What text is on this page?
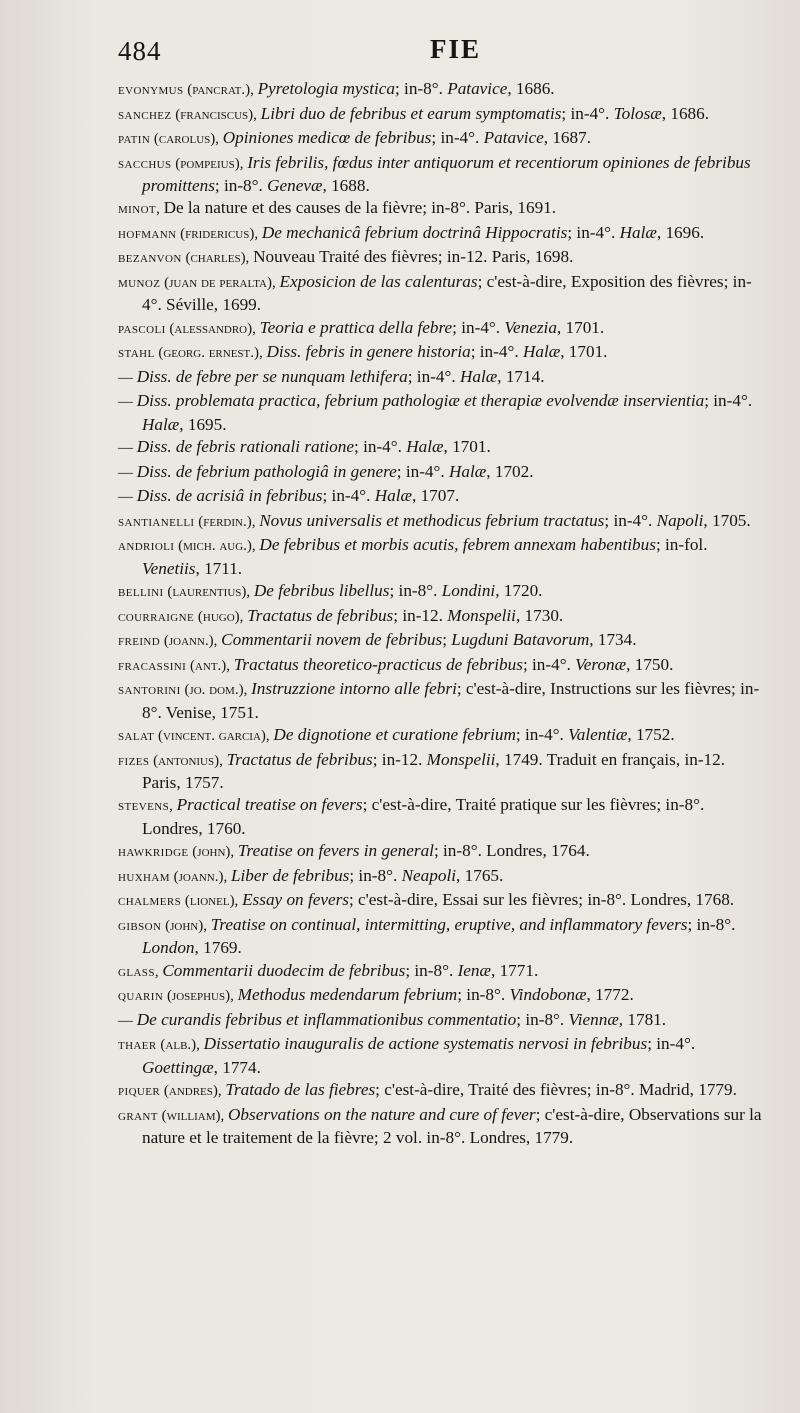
484	FIE

evonymus (pancrat.), Pyretologia mystica; in-8°. Patavice, 1686.

sanchez (franciscus), Libri duo de febribus et earum symptomatis; in-4°. Tolosæ, 1686.

patin (carolus), Opiniones medicœ de febribus; in-4°. Patavice, 1687.

sacchus (pompeius), Iris febrilis, fœdus inter antiquorum et recentiorum opiniones de febribus promittens; in-8°. Genevæ, 1688.

minot, De la nature et des causes de la fièvre; in-8°. Paris, 1691.

hofmann (fridericus), De mechanicâ febrium doctrinâ Hippocratis; in-4°. Halæ, 1696.

bezanvon (charles), Nouveau Traité des fièvres; in-12. Paris, 1698.

munoz (juan de peralta), Exposicion de las calenturas; c'est-à-dire, Exposition des fièvres; in-4°. Séville, 1699.

pascoli (alessandro), Teoria e prattica della febre; in-4°. Venezia, 1701.

stahl (georg. ernest.), Diss. febris in genere historia; in-4°. Halæ, 1701.

— Diss. de febre per se nunquam lethifera; in-4°. Halæ, 1714.

— Diss. problemata practica, febrium pathologiæ et therapiæ evolvendæ inservientia; in-4°. Halæ, 1695.

— Diss. de febris rationali ratione; in-4°. Halæ, 1701.

— Diss. de febrium pathologiâ in genere; in-4°. Halæ, 1702.

— Diss. de acrisiâ in febribus; in-4°. Halæ, 1707.

santianelli (ferdin.), Novus universalis et methodicus febrium tractatus; in-4°. Napoli, 1705.

andrioli (mich. aug.), De febribus et morbis acutis, febrem annexam habentibus; in-fol. Venetiis, 1711.

bellini (laurentius), De febribus libellus; in-8°. Londini, 1720.

courraigne (hugo), Tractatus de febribus; in-12. Monspelii, 1730.

freind (joann.), Commentarii novem de febribus; Lugduni Batavorum, 1734.

fracassini (ant.), Tractatus theoretico-practicus de febribus; in-4°. Veronæ, 1750.

santorini (jo. dom.), Instruzzione intorno alle febri; c'est-à-dire, Instructions sur les fièvres; in-8°. Venise, 1751.

salat (vincent. garcia), De dignotione et curatione febrium; in-4°. Valentiæ, 1752.

fizes (antonius), Tractatus de febribus; in-12. Monspelii, 1749. Traduit en français, in-12. Paris, 1757.

stevens, Practical treatise on fevers; c'est-à-dire, Traité pratique sur les fièvres; in-8°. Londres, 1760.

hawkridge (john), Treatise on fevers in general; in-8°. Londres, 1764.

huxham (joann.), Liber de febribus; in-8°. Neapoli, 1765.

chalmers (lionel), Essay on fevers; c'est-à-dire, Essai sur les fièvres; in-8°. Londres, 1768.

gibson (john), Treatise on continual, intermitting, eruptive, and inflammatory fevers; in-8°. London, 1769.

glass, Commentarii duodecim de febribus; in-8°. Ienæ, 1771.

quarin (josephus), Methodus medendarum febrium; in-8°. Vindobonæ, 1772.

— De curandis febribus et inflammationibus commentatio; in-8°. Viennæ, 1781.

thaer (alb.), Dissertatio inauguralis de actione systematis nervosi in febribus; in-4°. Goettingæ, 1774.

piquer (andres), Tratado de las fiebres; c'est-à-dire, Traité des fièvres; in-8°. Madrid, 1779.

grant (william), Observations on the nature and cure of fever; c'est-à-dire, Observations sur la nature et le traitement de la fièvre; 2 vol. in-8°. Londres, 1779.
